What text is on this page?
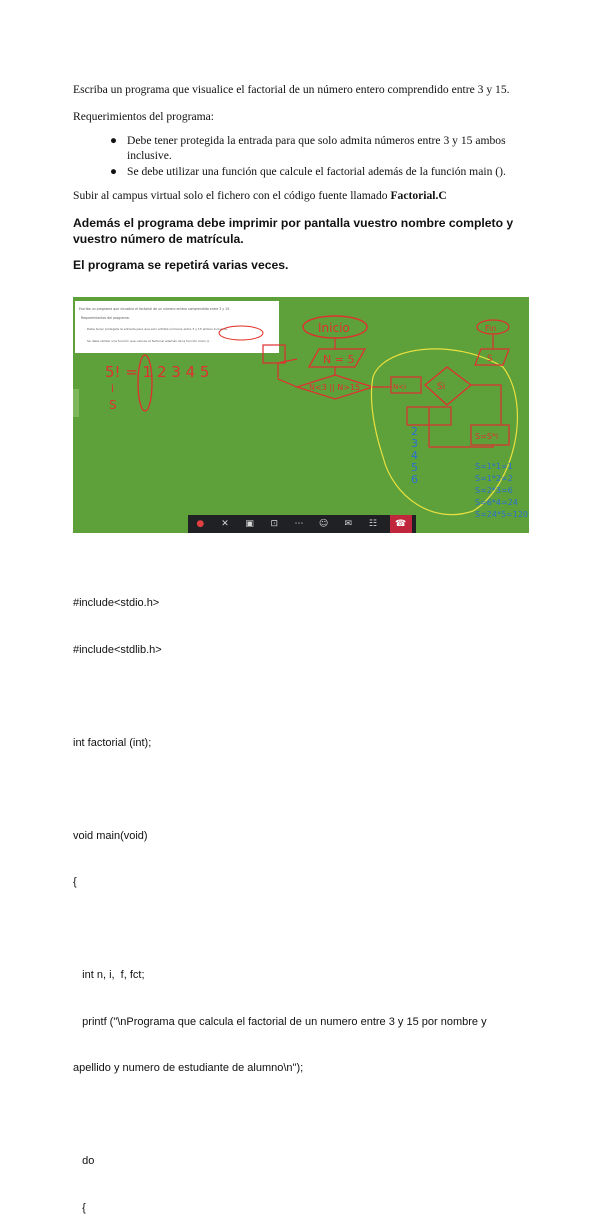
Escriba un programa que visualice el factorial de un número entero comprendido entre 3 y 15.

Requerimientos del programa:

● Debe tener protegida la entrada para que solo admita números entre 3 y 15 ambos inclusive.
● Se debe utilizar una función que calcule el factorial además de la función main ().

Subir al campus virtual solo el fichero con el código fuente llamado Factorial.C

Además el programa debe imprimir por pantalla vuestro nombre completo y vuestro número de matrícula.

El programa se repetirá varias veces.

Escriba un programa que visualice el factorial de un número entero comprendido entre 3 y 15.
Requerimientos del programa:
Debe tener protegida la entrada para que solo admita números entre 3 y 15 ambos inclusive.
Se debe utilizar una función que calcule el factorial además de la función main ().
5! = 1 2 3 4 5
i
S
Inicio
N = 5
N<3 || N>15	N<i	Si
S=S*i
2
3
4
5
6
Fin
S
S=1*1=1
S=1*2=2
S=2*3=6
S=6*4=24
S=24*5=120
●	✕	▣	⊡	⋯	☺	✉	☷	☎

#include<stdio.h>

#include<stdlib.h>

int factorial (int);

void main(void)

{

int n, i,  f, fct;

printf ("\nPrograma que calcula el factorial de un numero entre 3 y 15 por nombre y

apellido y numero de estudiante de alumno\n");

do

{
